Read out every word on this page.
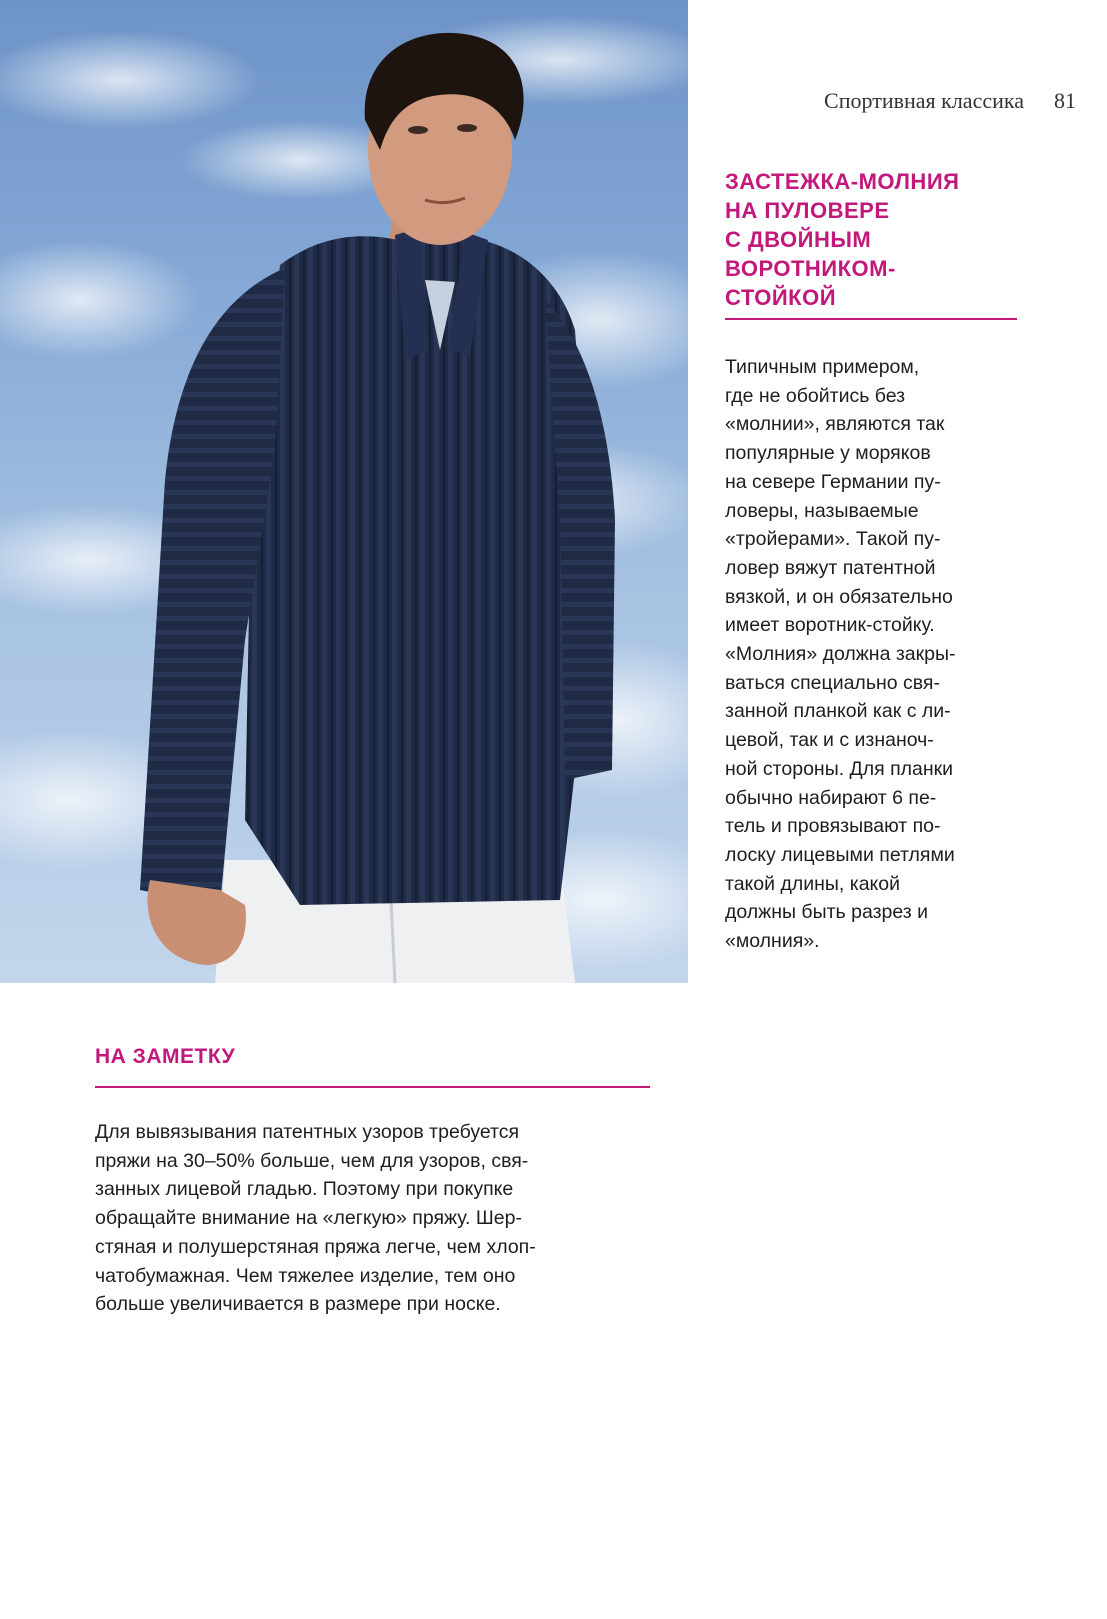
Спортивная классика 81
ЗАСТЕЖКА-МОЛНИЯ
НА ПУЛОВЕРЕ
С ДВОЙНЫМ
ВОРОТНИКОМ-
СТОЙКОЙ

Типичным примером,
где не обойтись без
«молнии», являются так
популярные у моряков
на севере Германии пу-
ловеры, называемые
«тройерами». Такой пу-
ловер вяжут патентной
вязкой, и он обязательно
имеет воротник-стойку.
«Молния» должна закры-
ваться специально свя-
занной планкой как с ли-
цевой, так и с изнаноч-
ной стороны. Для планки
обычно набирают 6 пе-
тель и провязывают по-
лоску лицевыми петлями
такой длины, какой
должны быть разрез и
«молния».

НА ЗАМЕТКУ

Для вывязывания патентных узоров требуется
пряжи на 30–50% больше, чем для узоров, свя-
занных лицевой гладью. Поэтому при покупке
обращайте внимание на «легкую» пряжу. Шер-
стяная и полушерстяная пряжа легче, чем хлоп-
чатобумажная. Чем тяжелее изделие, тем оно
больше увеличивается в размере при носке.
